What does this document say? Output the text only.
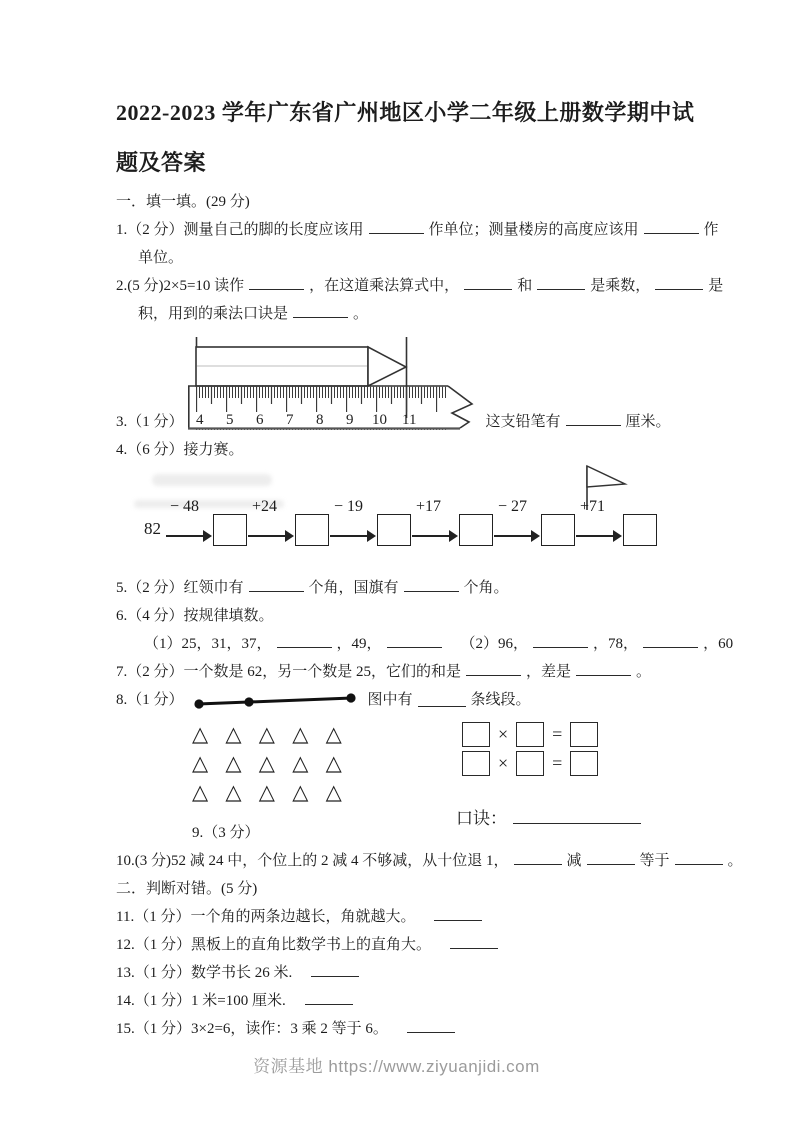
2022-2023 学年广东省广州地区小学二年级上册数学期中试
题及答案
一．填一填。(29 分)
1.（2 分）测量自己的脚的长度应该用	作单位；测量楼房的高度应该用	作
单位。
2.(5 分)2×5=10 读作	，在这道乘法算式中，	和	是乘数，	是
积，用到的乘法口诀是	。
3.（1 分） 4 5 6 7 8 9 10 11	这支铅笔有	厘米。
4.（6 分）接力赛。
82
− 48	+24	− 19	+17	− 27	+71
5.（2 分）红领巾有	个角，国旗有	个角。
6.（4 分）按规律填数。
（1）25，31，37，	，49，	（2）96，	，78，	，60
7.（2 分）一个数是 62，另一个数是 25，它们的和是	，差是	。
8.（1 分）	图中有	条线段。
△ △ △ △ △
△ △ △ △ △
△ △ △ △ △
9.（3 分）
× =
× =
口诀：
10.(3 分)52 减 24 中，个位上的 2 减 4 不够减，从十位退 1，	减	等于	。
二．判断对错。(5 分)
11.（1 分）一个角的两条边越长，角就越大。
12.（1 分）黑板上的直角比数学书上的直角大。
13.（1 分）数学书长 26 米.
14.（1 分）1 米=100 厘米.
15.（1 分）3×2=6，读作：3 乘 2 等于 6。
资源基地 https://www.ziyuanjidi.com
